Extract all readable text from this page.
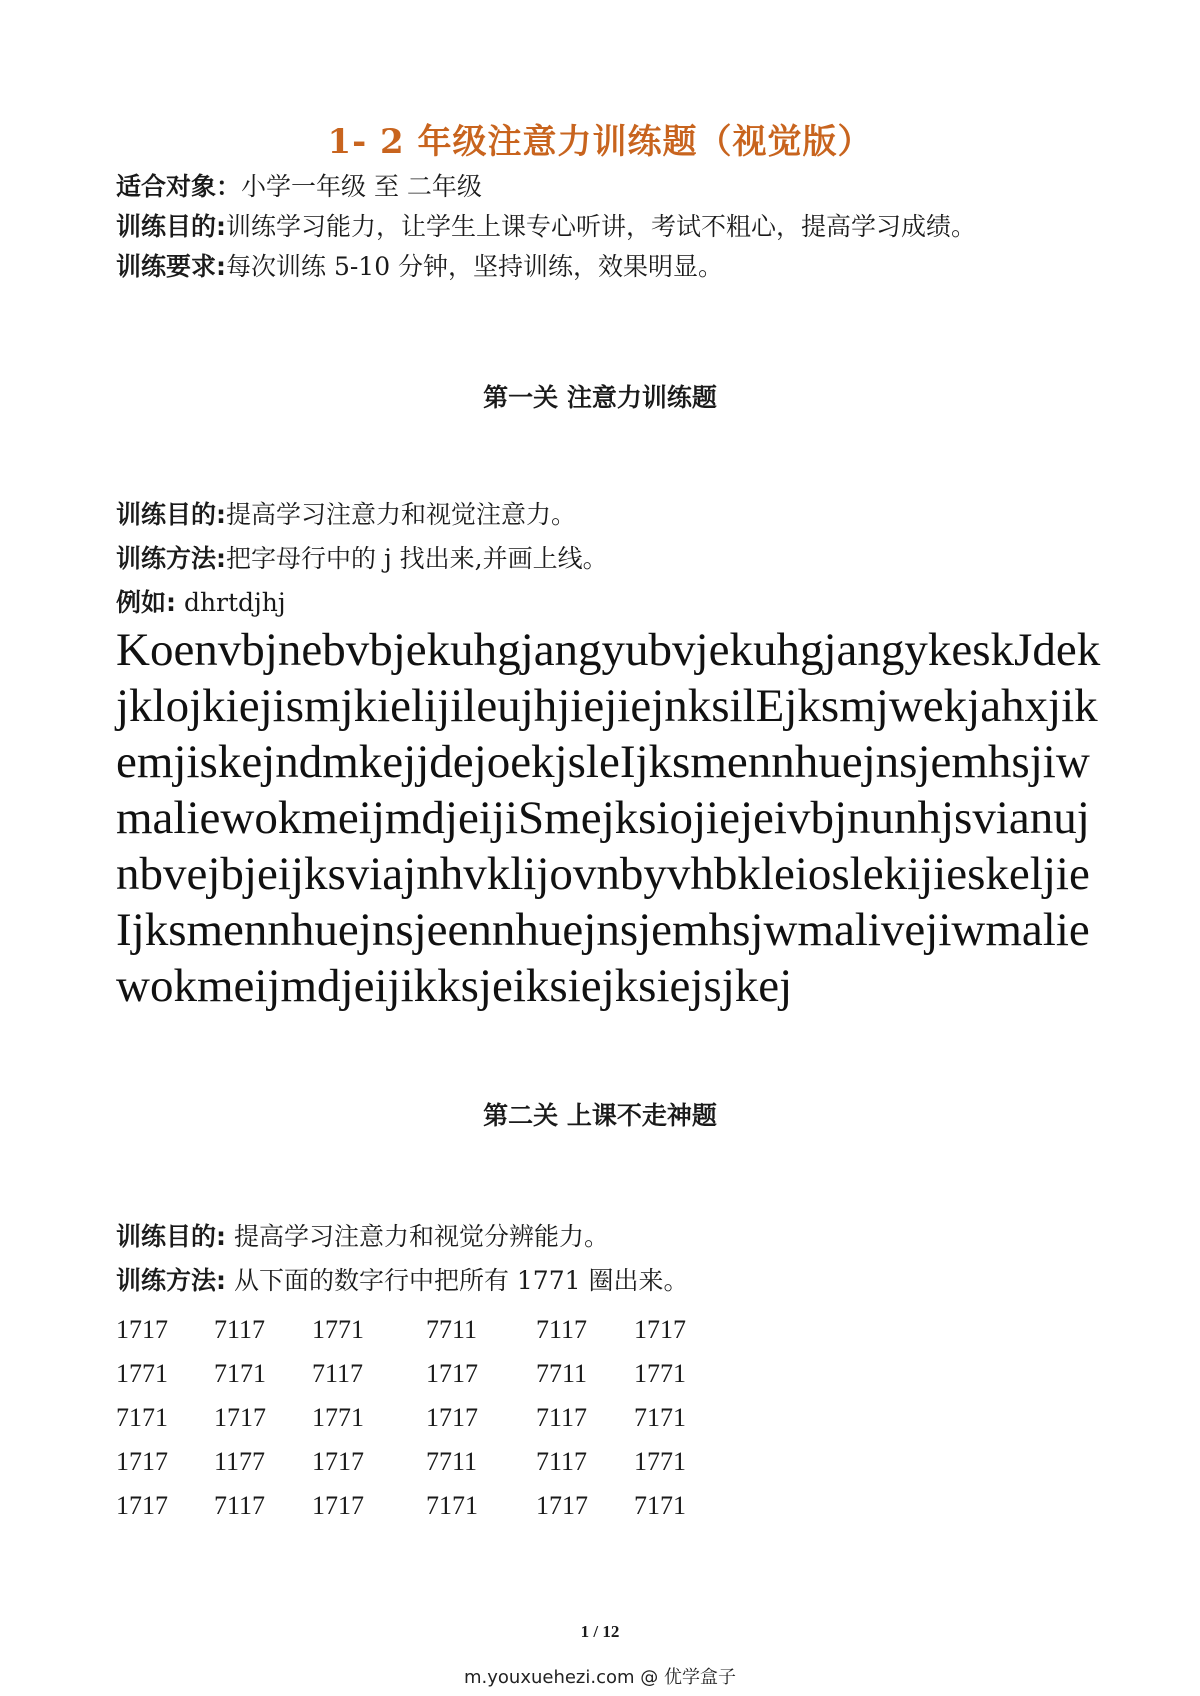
1- 2 年级注意力训练题（视觉版）
适合对象：小学一年级 至 二年级
训练目的:训练学习能力，让学生上课专心听讲，考试不粗心，提高学习成绩。
训练要求:每次训练 5-10 分钟，坚持训练，效果明显。
第一关 注意力训练题
训练目的:提高学习注意力和视觉注意力。
训练方法:把字母行中的 j 找出来,并画上线。
例如: dhrtdjhj
KoenvbjnebvbjekuhgjangyubvjekuhgjangykeskJdek
jklojkiejismjkielijileujhjiejiejnksilEjksmjwekjahxjik
emjiskejndmkejjdejoekjsleIjksmennhuejnsjemhsjiw
maliewokmeijmdjeijiSmejksiojiejeivbjnunhjsvianuj
nbvejbjeijksviajnhvklijovnbyvhbkleioslekijieskeljie
Ijksmennhuejnsjeennhuejnsjemhsjwmalivejiwmalie
wokmeijmdjeijikksjeiksiejksiejsjkej
第二关 上课不走神题
训练目的: 提高学习注意力和视觉分辨能力。
训练方法: 从下面的数字行中把所有 1771 圈出来。
1717	7117	1771	7711	7117	1717
1771	7171	7117	1717	7711	1771
7171	1717	1771	1717	7117	7171
1717	1177	1717	7711	7117	1771
1717	7117	1717	7171	1717	7171
1 / 12
m.youxuehezi.com @ 优学盒子
